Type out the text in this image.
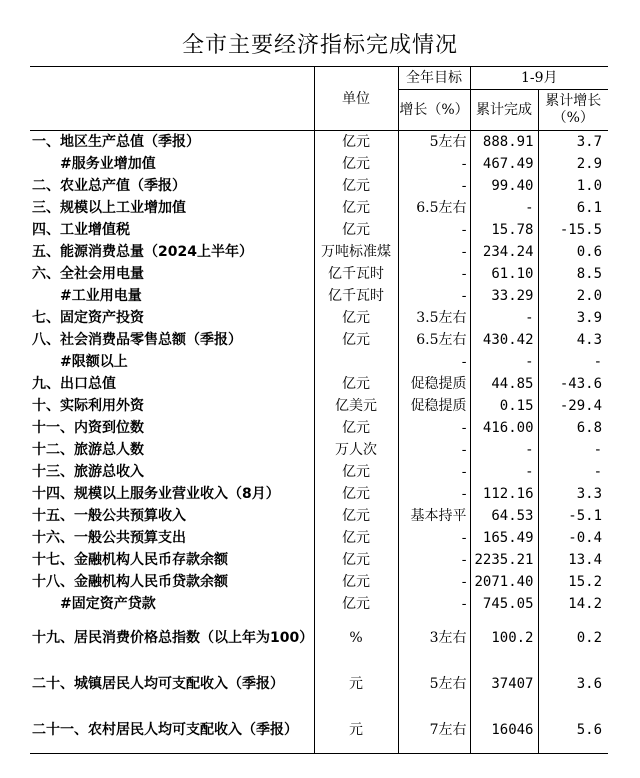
全市主要经济指标完成情况
	单位	全年目标	1-9月	
		增长（%）	累计完成	累计增长（%）
一、地区生产总值（季报）	亿元	5左右	888.91	3.7
#服务业增加值	亿元	-	467.49	2.9
二、农业总产值（季报）	亿元	-	99.40	1.0
三、规模以上工业增加值	亿元	6.5左右	-	6.1
四、工业增值税	亿元	-	15.78	-15.5
五、能源消费总量（2024上半年）	万吨标准煤	-	234.24	0.6
六、全社会用电量	亿千瓦时	-	61.10	8.5
#工业用电量	亿千瓦时	-	33.29	2.0
七、固定资产投资	亿元	3.5左右	-	3.9
八、社会消费品零售总额（季报）	亿元	6.5左右	430.42	4.3
#限额以上		-	-	-
九、出口总值	亿元	促稳提质	44.85	-43.6
十、实际利用外资	亿美元	促稳提质	0.15	-29.4
十一、内资到位数	亿元	-	416.00	6.8
十二、旅游总人数	万人次	-	-	-
十三、旅游总收入	亿元	-	-	-
十四、规模以上服务业营业收入（8月）	亿元	-	112.16	3.3
十五、一般公共预算收入	亿元	基本持平	64.53	-5.1
十六、一般公共预算支出	亿元	-	165.49	-0.4
十七、金融机构人民币存款余额	亿元	-	2235.21	13.4
十八、金融机构人民币贷款余额	亿元	-	2071.40	15.2
#固定资产贷款	亿元	-	745.05	14.2
十九、居民消费价格总指数（以上年为100）	%	3左右	100.2	0.2
二十、城镇居民人均可支配收入（季报）	元	5左右	37407	3.6
二十一、农村居民人均可支配收入（季报）	元	7左右	16046	5.6
